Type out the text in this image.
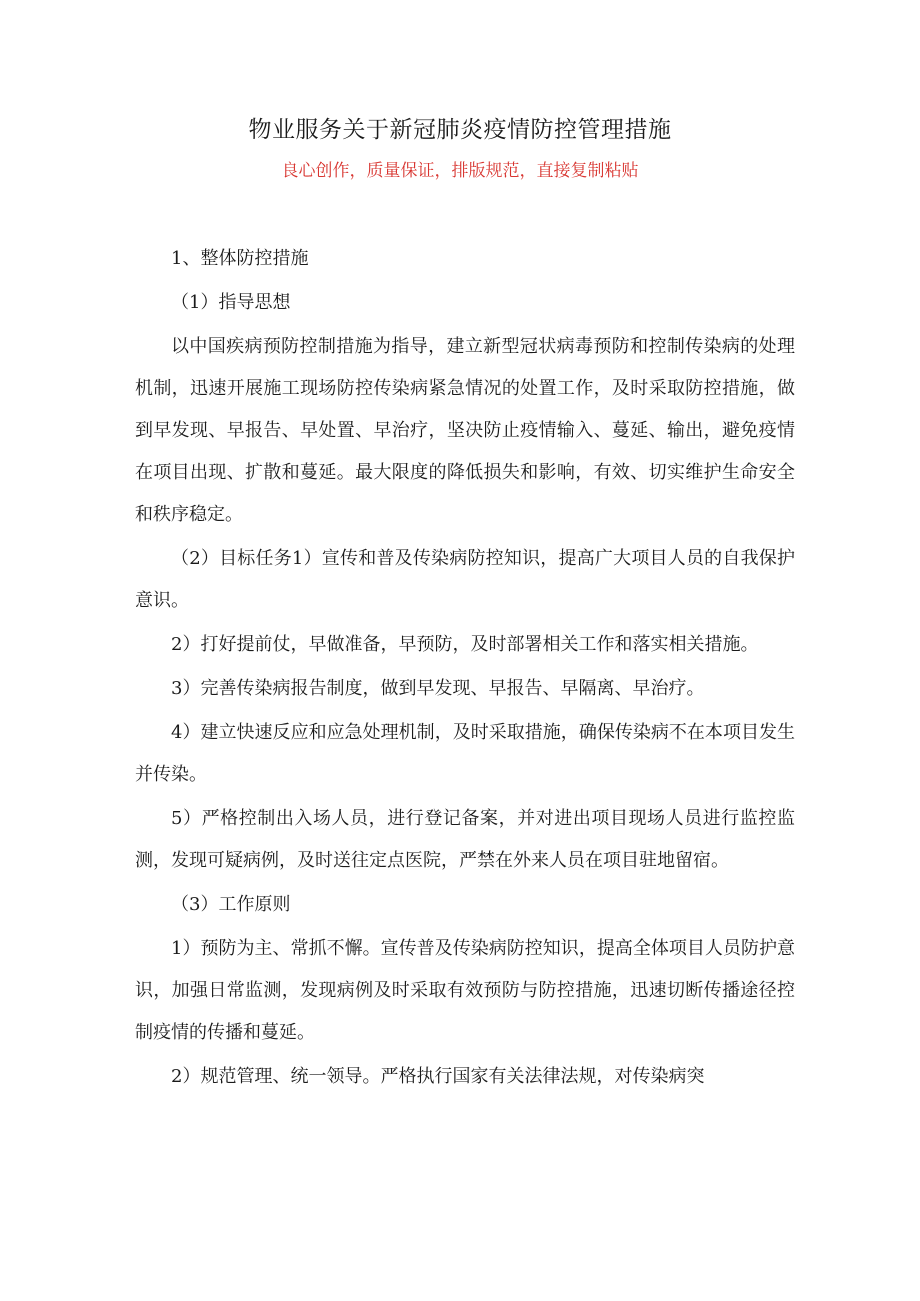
物业服务关于新冠肺炎疫情防控管理措施
良心创作，质量保证，排版规范，直接复制粘贴

1、整体防控措施

（1）指导思想

以中国疾病预防控制措施为指导，建立新型冠状病毒预防和控制传染病的处理机制，迅速开展施工现场防控传染病紧急情况的处置工作，及时采取防控措施，做到早发现、早报告、早处置、早治疗，坚决防止疫情输入、蔓延、输出，避免疫情在项目出现、扩散和蔓延。最大限度的降低损失和影响，有效、切实维护生命安全和秩序稳定。

（2）目标任务1）宣传和普及传染病防控知识，提高广大项目人员的自我保护意识。

2）打好提前仗，早做准备，早预防，及时部署相关工作和落实相关措施。

3）完善传染病报告制度，做到早发现、早报告、早隔离、早治疗。

4）建立快速反应和应急处理机制，及时采取措施，确保传染病不在本项目发生并传染。

5）严格控制出入场人员，进行登记备案，并对进出项目现场人员进行监控监测，发现可疑病例，及时送往定点医院，严禁在外来人员在项目驻地留宿。

（3）工作原则

1）预防为主、常抓不懈。宣传普及传染病防控知识，提高全体项目人员防护意识，加强日常监测，发现病例及时采取有效预防与防控措施，迅速切断传播途径控制疫情的传播和蔓延。

2）规范管理、统一领导。严格执行国家有关法律法规，对传染病突
